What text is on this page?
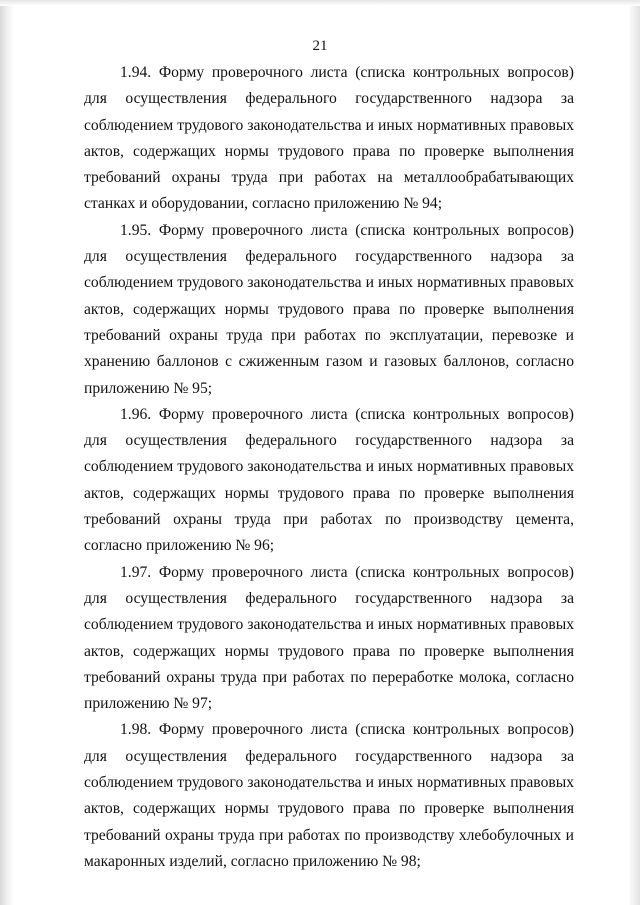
21

1.94. Форму проверочного листа (списка контрольных вопросов) для осуществления федерального государственного надзора за соблюдением трудового законодательства и иных нормативных правовых актов, содержащих нормы трудового права по проверке выполнения требований охраны труда при работах на металлообрабатывающих станках и оборудовании, согласно приложению № 94;

1.95. Форму проверочного листа (списка контрольных вопросов) для осуществления федерального государственного надзора за соблюдением трудового законодательства и иных нормативных правовых актов, содержащих нормы трудового права по проверке выполнения требований охраны труда при работах по эксплуатации, перевозке и хранению баллонов с сжиженным газом и газовых баллонов, согласно приложению № 95;

1.96. Форму проверочного листа (списка контрольных вопросов) для осуществления федерального государственного надзора за соблюдением трудового законодательства и иных нормативных правовых актов, содержащих нормы трудового права по проверке выполнения требований охраны труда при работах по производству цемента, согласно приложению № 96;

1.97. Форму проверочного листа (списка контрольных вопросов) для осуществления федерального государственного надзора за соблюдением трудового законодательства и иных нормативных правовых актов, содержащих нормы трудового права по проверке выполнения требований охраны труда при работах по переработке молока, согласно приложению № 97;

1.98. Форму проверочного листа (списка контрольных вопросов) для осуществления федерального государственного надзора за соблюдением трудового законодательства и иных нормативных правовых актов, содержащих нормы трудового права по проверке выполнения требований охраны труда при работах по производству хлебобулочных и макаронных изделий, согласно приложению № 98;
